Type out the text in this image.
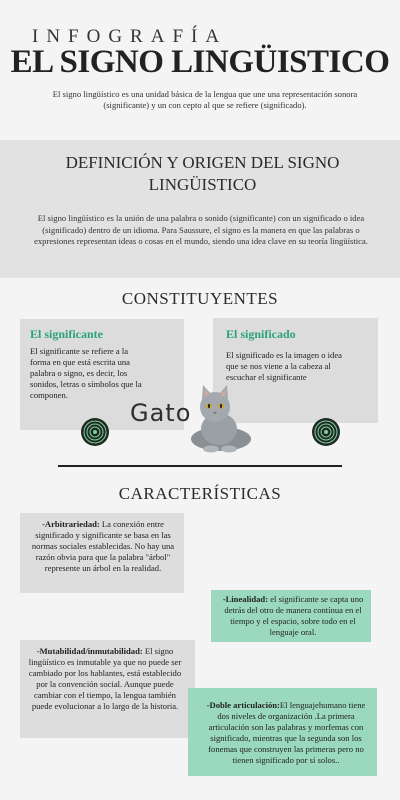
INFOGRAFÍA
EL SIGNO LINGÜISTICO
El signo lingüístico es una unidad básica de la lengua que une una representación sonora (significante) y un con cepto al que se refiere (significado).
DEFINICIÓN Y ORIGEN DEL SIGNO LINGÜISTICO
El signo lingüístico es la unión de una palabra o sonido (significante) con un significado o idea (significado) dentro de un idioma. Para Saussure, el signo es la manera en que las palabras o expresiones representan ideas o cosas en el mundo, siendo una idea clave en su teoría lingüística.
CONSTITUYENTES
El significante
El significante se refiere a la forma en que está escrita una palabra o signo, es decir, los sonidos, letras o símbolos que la componen.
El significado
El significado es la imagen o idea que se nos viene a la cabeza al escuchar el significante
Gato
CARACTERÍSTICAS
-Arbitrariedad: La conexión entre significado y significante se basa en las normas sociales establecidas. No hay una razón obvia para que la palabra "árbol" represente un árbol en la realidad.
-Linealidad: el significante se capta uno detrás del otro de manera contínua en el tiempo y el espacio, sobre todo en el lenguaje oral.
-Mutabilidad/inmutabilidad: El signo lingüístico es inmutable ya que no puede ser cambiado por los hablantes, está establecido por la convención social. Aunque puede cambiar con el tiempo, la lengua también puede evolucionar a lo largo de la historia.	-Doble articulación:El lenguajehumano tiene dos niveles de organización .La primera articulación son las palabras y morfemas con significado, mientras que la segunda son los fonemas que construyen las primeras pero no tienen significado por sí solos..
